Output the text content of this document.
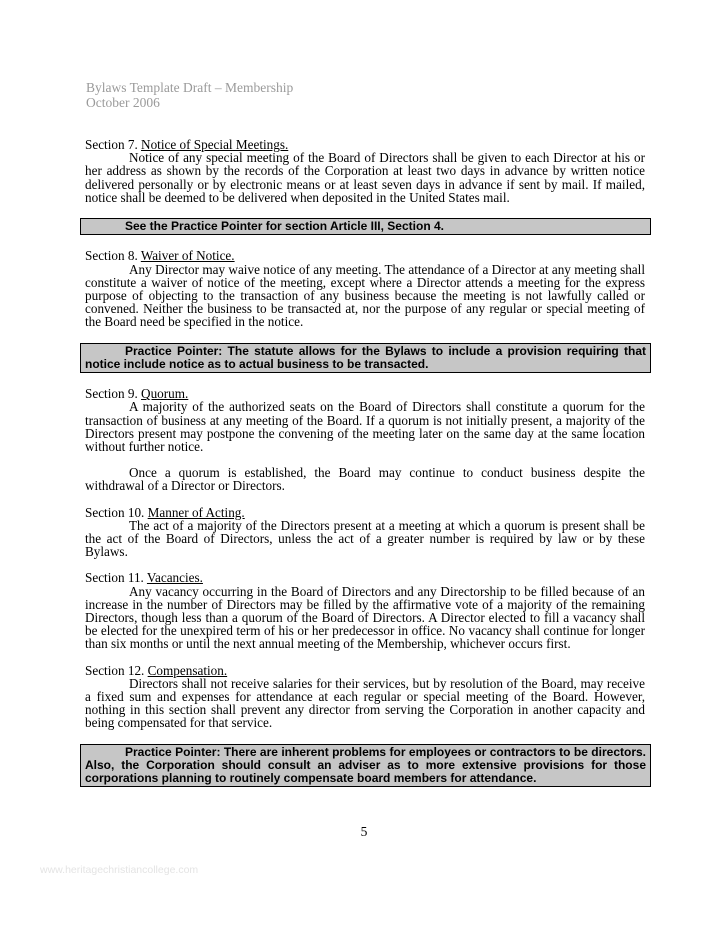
Bylaws Template Draft – Membership
October 2006

Section 7. Notice of Special Meetings.

Notice of any special meeting of the Board of Directors shall be given to each Director at his or her address as shown by the records of the Corporation at least two days in advance by written notice delivered personally or by electronic means or at least seven days in advance if sent by mail. If mailed, notice shall be deemed to be delivered when deposited in the United States mail.

See the Practice Pointer for section Article III, Section 4.

Section 8. Waiver of Notice.

Any Director may waive notice of any meeting. The attendance of a Director at any meeting shall constitute a waiver of notice of the meeting, except where a Director attends a meeting for the express purpose of objecting to the transaction of any business because the meeting is not lawfully called or convened. Neither the business to be transacted at, nor the purpose of any regular or special meeting of the Board need be specified in the notice.

Practice Pointer: The statute allows for the Bylaws to include a provision requiring that notice include notice as to actual business to be transacted.

Section 9. Quorum.

A majority of the authorized seats on the Board of Directors shall constitute a quorum for the transaction of business at any meeting of the Board. If a quorum is not initially present, a majority of the Directors present may postpone the convening of the meeting later on the same day at the same location without further notice.

Once a quorum is established, the Board may continue to conduct business despite the withdrawal of a Director or Directors.

Section 10. Manner of Acting.

The act of a majority of the Directors present at a meeting at which a quorum is present shall be the act of the Board of Directors, unless the act of a greater number is required by law or by these Bylaws.

Section 11. Vacancies.

Any vacancy occurring in the Board of Directors and any Directorship to be filled because of an increase in the number of Directors may be filled by the affirmative vote of a majority of the remaining Directors, though less than a quorum of the Board of Directors. A Director elected to fill a vacancy shall be elected for the unexpired term of his or her predecessor in office. No vacancy shall continue for longer than six months or until the next annual meeting of the Membership, whichever occurs first.

Section 12. Compensation.

Directors shall not receive salaries for their services, but by resolution of the Board, may receive a fixed sum and expenses for attendance at each regular or special meeting of the Board. However, nothing in this section shall prevent any director from serving the Corporation in another capacity and being compensated for that service.

Practice Pointer: There are inherent problems for employees or contractors to be directors. Also, the Corporation should consult an adviser as to more extensive provisions for those corporations planning to routinely compensate board members for attendance.
5
www.heritagechristiancollege.com
